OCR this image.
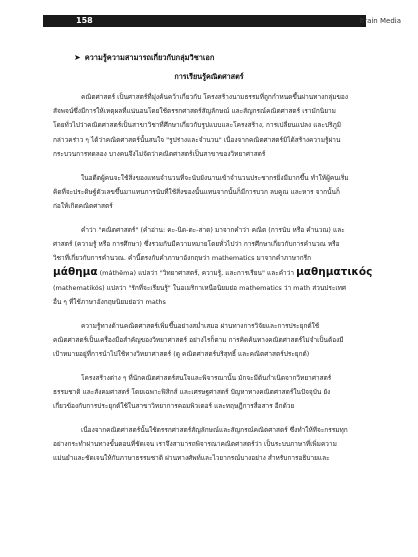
158	Brain Media
➤ ความรู้ความสามารถเกี่ยวกับกลุ่มวิชาเอก
การเรียนรู้คณิตศาสตร์

คณิตศาสตร์ เป็นศาสตร์ที่มุ่งค้นคว้าเกี่ยวกับ โครงสร้างนามธรรมที่ถูกกำหนดขึ้นผ่านทางกลุ่มของ
สัจพจน์ซึ่งมีการให้เหตุผลที่แน่นอนโดยใช้ตรรกศาสตร์สัญลักษณ์ และสัญกรณ์คณิตศาสตร์ เรามักนิยาม
โดยทั่วไปว่าคณิตศาสตร์เป็นสาขาวิชาที่ศึกษาเกี่ยวกับรูปแบบและโครงสร้าง, การเปลี่ยนแปลง และปริภูมิ
กล่าวคร่าว ๆ ได้ว่าคณิตศาสตร์นั้นสนใจ "รูปร่างและจำนวน" เนื่องจากคณิตศาสตร์มิได้สร้างความรู้ผ่าน
กระบวนการทดลอง บางคนจึงไม่จัดว่าคณิตศาสตร์เป็นสาขาของวิทยาศาสตร์

ในอดีตผู้คนจะใช้สิ่งของแทนจำนวนที่จะนับยังนานเข้าจำนวนประชากรยิ่งมีมากขึ้น ทำให้ผู้คนเริ่ม
คิดที่จะประดิษฐ์ตัวเลขขึ้นมาแทนการนับที่ใช้สิ่งของนั้นแทนจากนั้นก็มีการบวก ลบคูณ และหาร จากนั้นก็
ก่อให้เกิดคณิตศาสตร์

คำว่า "คณิตศาสตร์" (คำอ่าน: คะ-นิด-ตะ-สาด) มาจากคำว่า คณิต (การนับ หรือ คำนวณ) และ
ศาสตร์ (ความรู้ หรือ การศึกษา) ซึ่งรวมกันมีความหมายโดยทั่วไปว่า การศึกษาเกี่ยวกับการคำนวณ หรือ
วิชาที่เกี่ยวกับการคำนวณ. คำนี้ตรงกับคำภาษาอังกฤษว่า mathematics มาจากคำภาษากรีก
μάθημα (máthēma) แปลว่า "วิทยาศาสตร์, ความรู้, และการเรียน" และคำว่า μαθηματικός
(mathematikós) แปลว่า "รักที่จะเรียนรู้" ในอเมริกาเหนือนิยมย่อ mathematics ว่า math ส่วนประเทศ
อื่น ๆ ที่ใช้ภาษาอังกฤษนิยมย่อว่า maths

ความรู้ทางด้านคณิตศาสตร์เพิ่มขึ้นอย่างสม่ำเสมอ ผ่านทางการวิจัยและการประยุกต์ใช้
คณิตศาสตร์เป็นเครื่องมือสำคัญของวิทยาศาสตร์ อย่างไรก็ตาม การคิดค้นทางคณิตศาสตร์ไม่จำเป็นต้องมี
เป้าหมายอยู่ที่การนำไปใช้ทางวิทยาศาสตร์ (ดู คณิตศาสตร์บริสุทธิ์ และคณิตศาสตร์ประยุกต์)

โครงสร้างต่าง ๆ ที่นักคณิตศาสตร์สนใจและพิจารณานั้น มักจะมีต้นกำเนิดจากวิทยาศาสตร์
ธรรมชาติ และสังคมศาสตร์ โดยเฉพาะฟิสิกส์ และเศรษฐศาสตร์ ปัญหาทางคณิตศาสตร์ในปัจจุบัน ยัง
เกี่ยวข้องกับการประยุกต์ใช้ในสาขาวิทยาการคอมพิวเตอร์ และทฤษฎีการสื่อสาร อีกด้วย

เนื่องจากคณิตศาสตร์นั้นใช้ตรรกศาสตร์สัญลักษณ์และสัญกรณ์คณิตศาสตร์ ซึ่งทำให้ทีจะกรรมทุก
อย่างกระทำผ่านทางขั้นตอนที่ชัดเจน เราจึงสามารถพิจารณาคณิตศาสตร์ว่า เป็นระบบภาษาที่เพิ่มความ
แม่นยำและชัดเจนให้กับภาษาธรรมชาติ ผ่านทางศัพท์และไวยากรณ์บางอย่าง สำหรับการอธิบายและ
